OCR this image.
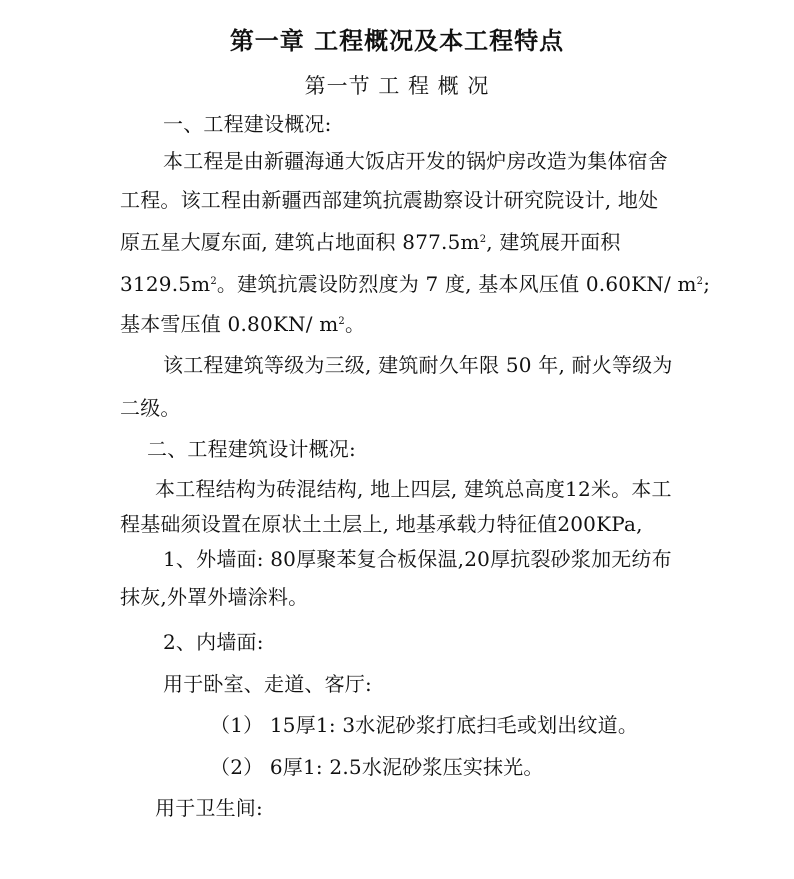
第一章 工程概况及本工程特点
第一节 工 程 概 况
一、工程建设概况:
本工程是由新疆海通大饭店开发的锅炉房改造为集体宿舍
工程。该工程由新疆西部建筑抗震勘察设计研究院设计, 地处
原五星大厦东面, 建筑占地面积 $877.5m^2$, 建筑展开面积
$3129.5m^2$。建筑抗震设防烈度为 7 度, 基本风压值 0.60KN/ $m^2$;
基本雪压值 0.80KN/ $m^2$。
该工程建筑等级为三级, 建筑耐久年限 50 年, 耐火等级为
二级。
二、工程建筑设计概况:
本工程结构为砖混结构, 地上四层, 建筑总高度12米。本工
程基础须设置在原状土土层上, 地基承载力特征值200KPa,
1、外墙面: 80厚聚苯复合板保温,20厚抗裂砂浆加无纺布
抹灰,外罩外墙涂料。
2、内墙面:
用于卧室、走道、客厅:
（1） 15厚1: 3水泥砂浆打底扫毛或划出纹道。
（2） 6厚1: 2.5水泥砂浆压实抹光。
用于卫生间:
